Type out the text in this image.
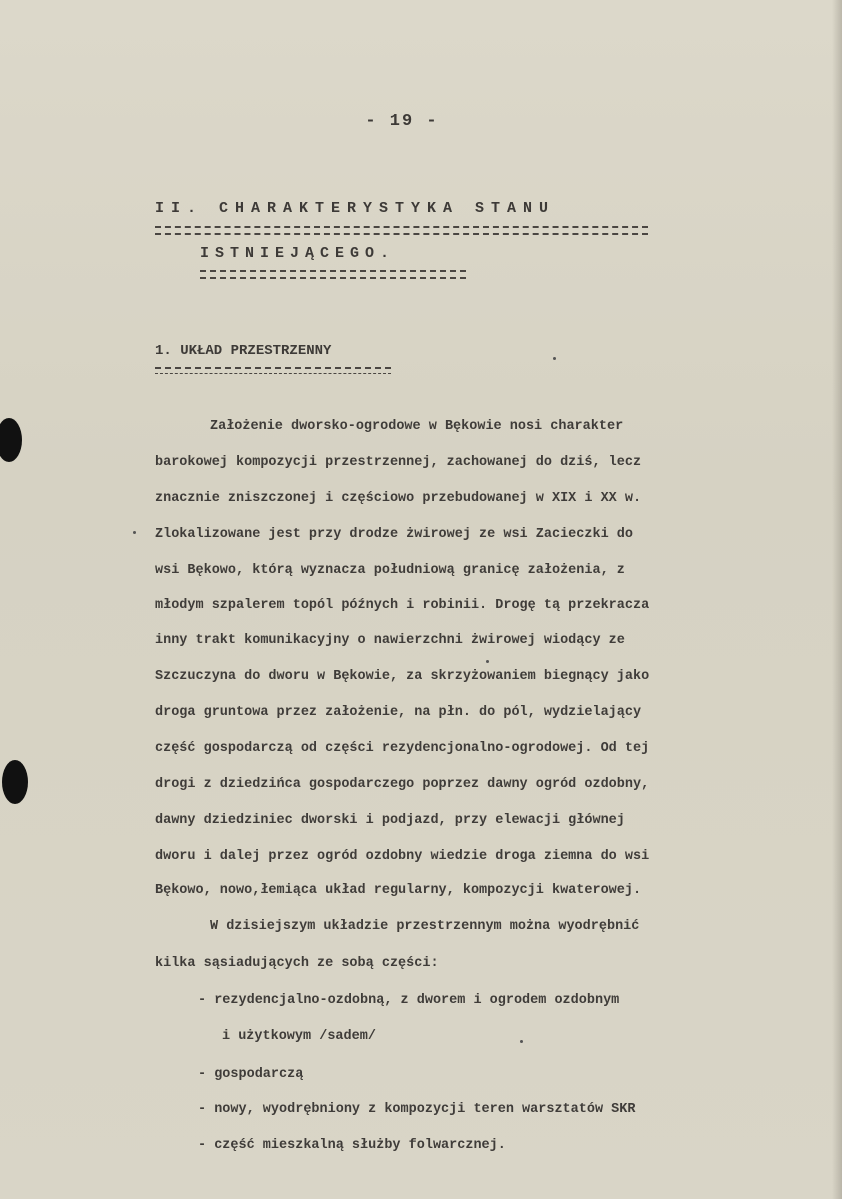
- 19 -
II. CHARAKTERYSTYKA STANU
ISTNIEJĄCEGO.
1. UKŁAD PRZESTRZENNY
Założenie dworsko-ogrodowe w Bękowie nosi charakter
barokowej kompozycji przestrzennej, zachowanej do dziś, lecz
znacznie zniszczonej i częściowo przebudowanej w XIX i XX w.
Zlokalizowane jest przy drodze żwirowej ze wsi Zacieczki do
wsi Bękowo, którą wyznacza południową granicę założenia, z
młodym szpalerem topól późnych i robinii. Drogę tą przekracza
inny trakt komunikacyjny o nawierzchni żwirowej wiodący ze
Szczuczyna do dworu w Bękowie, za skrzyżowaniem biegnący jako
droga gruntowa przez założenie, na płn. do pól, wydzielający
część gospodarczą od części rezydencjonalno-ogrodowej. Od tej
drogi z dziedzińca gospodarczego poprzez dawny ogród ozdobny,
dawny dziedziniec dworski i podjazd, przy elewacji głównej
dworu i dalej przez ogród ozdobny wiedzie droga ziemna do wsi
Bękowo, nowo,łemiąca układ regularny, kompozycji kwaterowej.
W dzisiejszym układzie przestrzennym można wyodrębnić
kilka sąsiadujących ze sobą części:
- rezydencjalno-ozdobną, z dworem i ogrodem ozdobnym
i użytkowym /sadem/
- gospodarczą
- nowy, wyodrębniony z kompozycji teren warsztatów SKR
- część mieszkalną służby folwarcznej.
